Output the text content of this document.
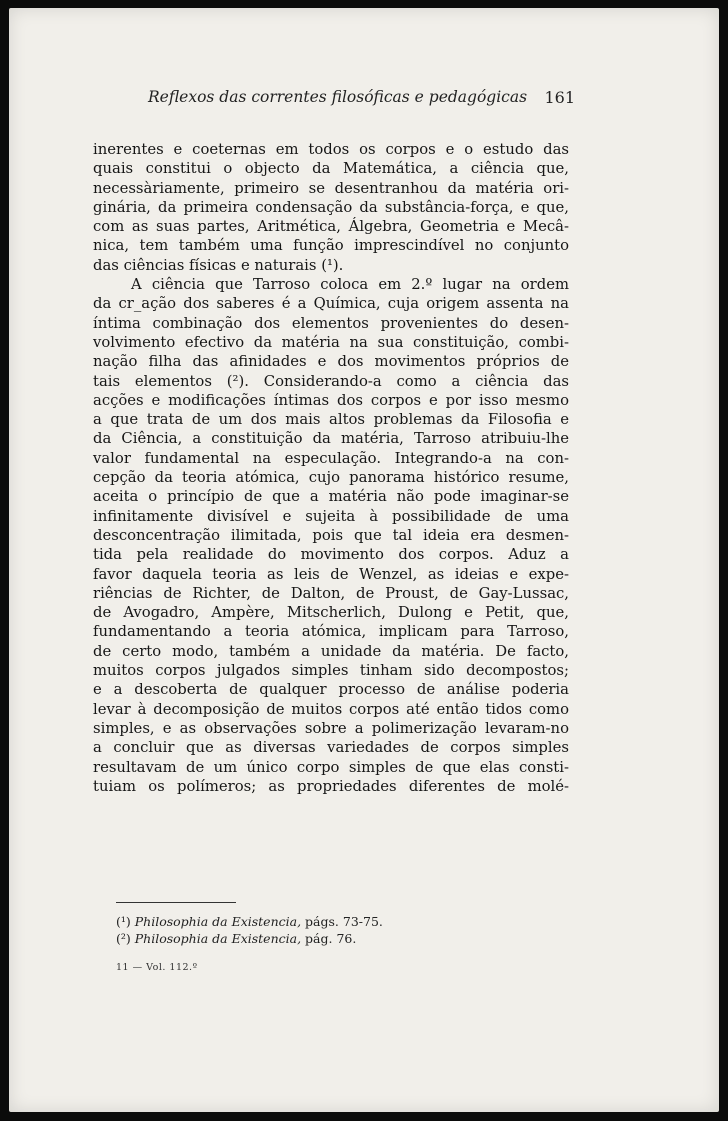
Reflexos das correntes filosóficas e pedagógicas	161
inerentes e coeternas em todos os corpos e o estudo das
quais constitui o objecto da Matemática, a ciência que,
necessàriamente, primeiro se desentranhou da matéria ori-
ginária, da primeira condensação da substância-força, e que,
com as suas partes, Aritmética, Álgebra, Geometria e Mecâ-
nica, tem também uma função imprescindível no conjunto
das ciências físicas e naturais (¹).
A ciência que Tarroso coloca em 2.º lugar na ordem
da cr_ação dos saberes é a Química, cuja origem assenta na
íntima combinação dos elementos provenientes do desen-
volvimento efectivo da matéria na sua constituição, combi-
nação filha das afinidades e dos movimentos próprios de
tais elementos (²). Considerando-a como a ciência das
acções e modificações íntimas dos corpos e por isso mesmo
a que trata de um dos mais altos problemas da Filosofia e
da Ciência, a constituição da matéria, Tarroso atribuiu-lhe
valor fundamental na especulação. Integrando-a na con-
cepção da teoria atómica, cujo panorama histórico resume,
aceita o princípio de que a matéria não pode imaginar-se
infinitamente divisível e sujeita à possibilidade de uma
desconcentração ilimitada, pois que tal ideia era desmen-
tida pela realidade do movimento dos corpos. Aduz a
favor daquela teoria as leis de Wenzel, as ideias e expe-
riências de Richter, de Dalton, de Proust, de Gay-Lussac,
de Avogadro, Ampère, Mitscherlich, Dulong e Petit, que,
fundamentando a teoria atómica, implicam para Tarroso,
de certo modo, também a unidade da matéria. De facto,
muitos corpos julgados simples tinham sido decompostos;
e a descoberta de qualquer processo de análise poderia
levar à decomposição de muitos corpos até então tidos como
simples, e as observações sobre a polimerização levaram-no
a concluir que as diversas variedades de corpos simples
resultavam de um único corpo simples de que elas consti-
tuiam os polímeros; as propriedades diferentes de molé-
(¹) Philosophia da Existencia, págs. 73-75.
(²) Philosophia da Existencia, pág. 76.
11 — Vol. 112.º
